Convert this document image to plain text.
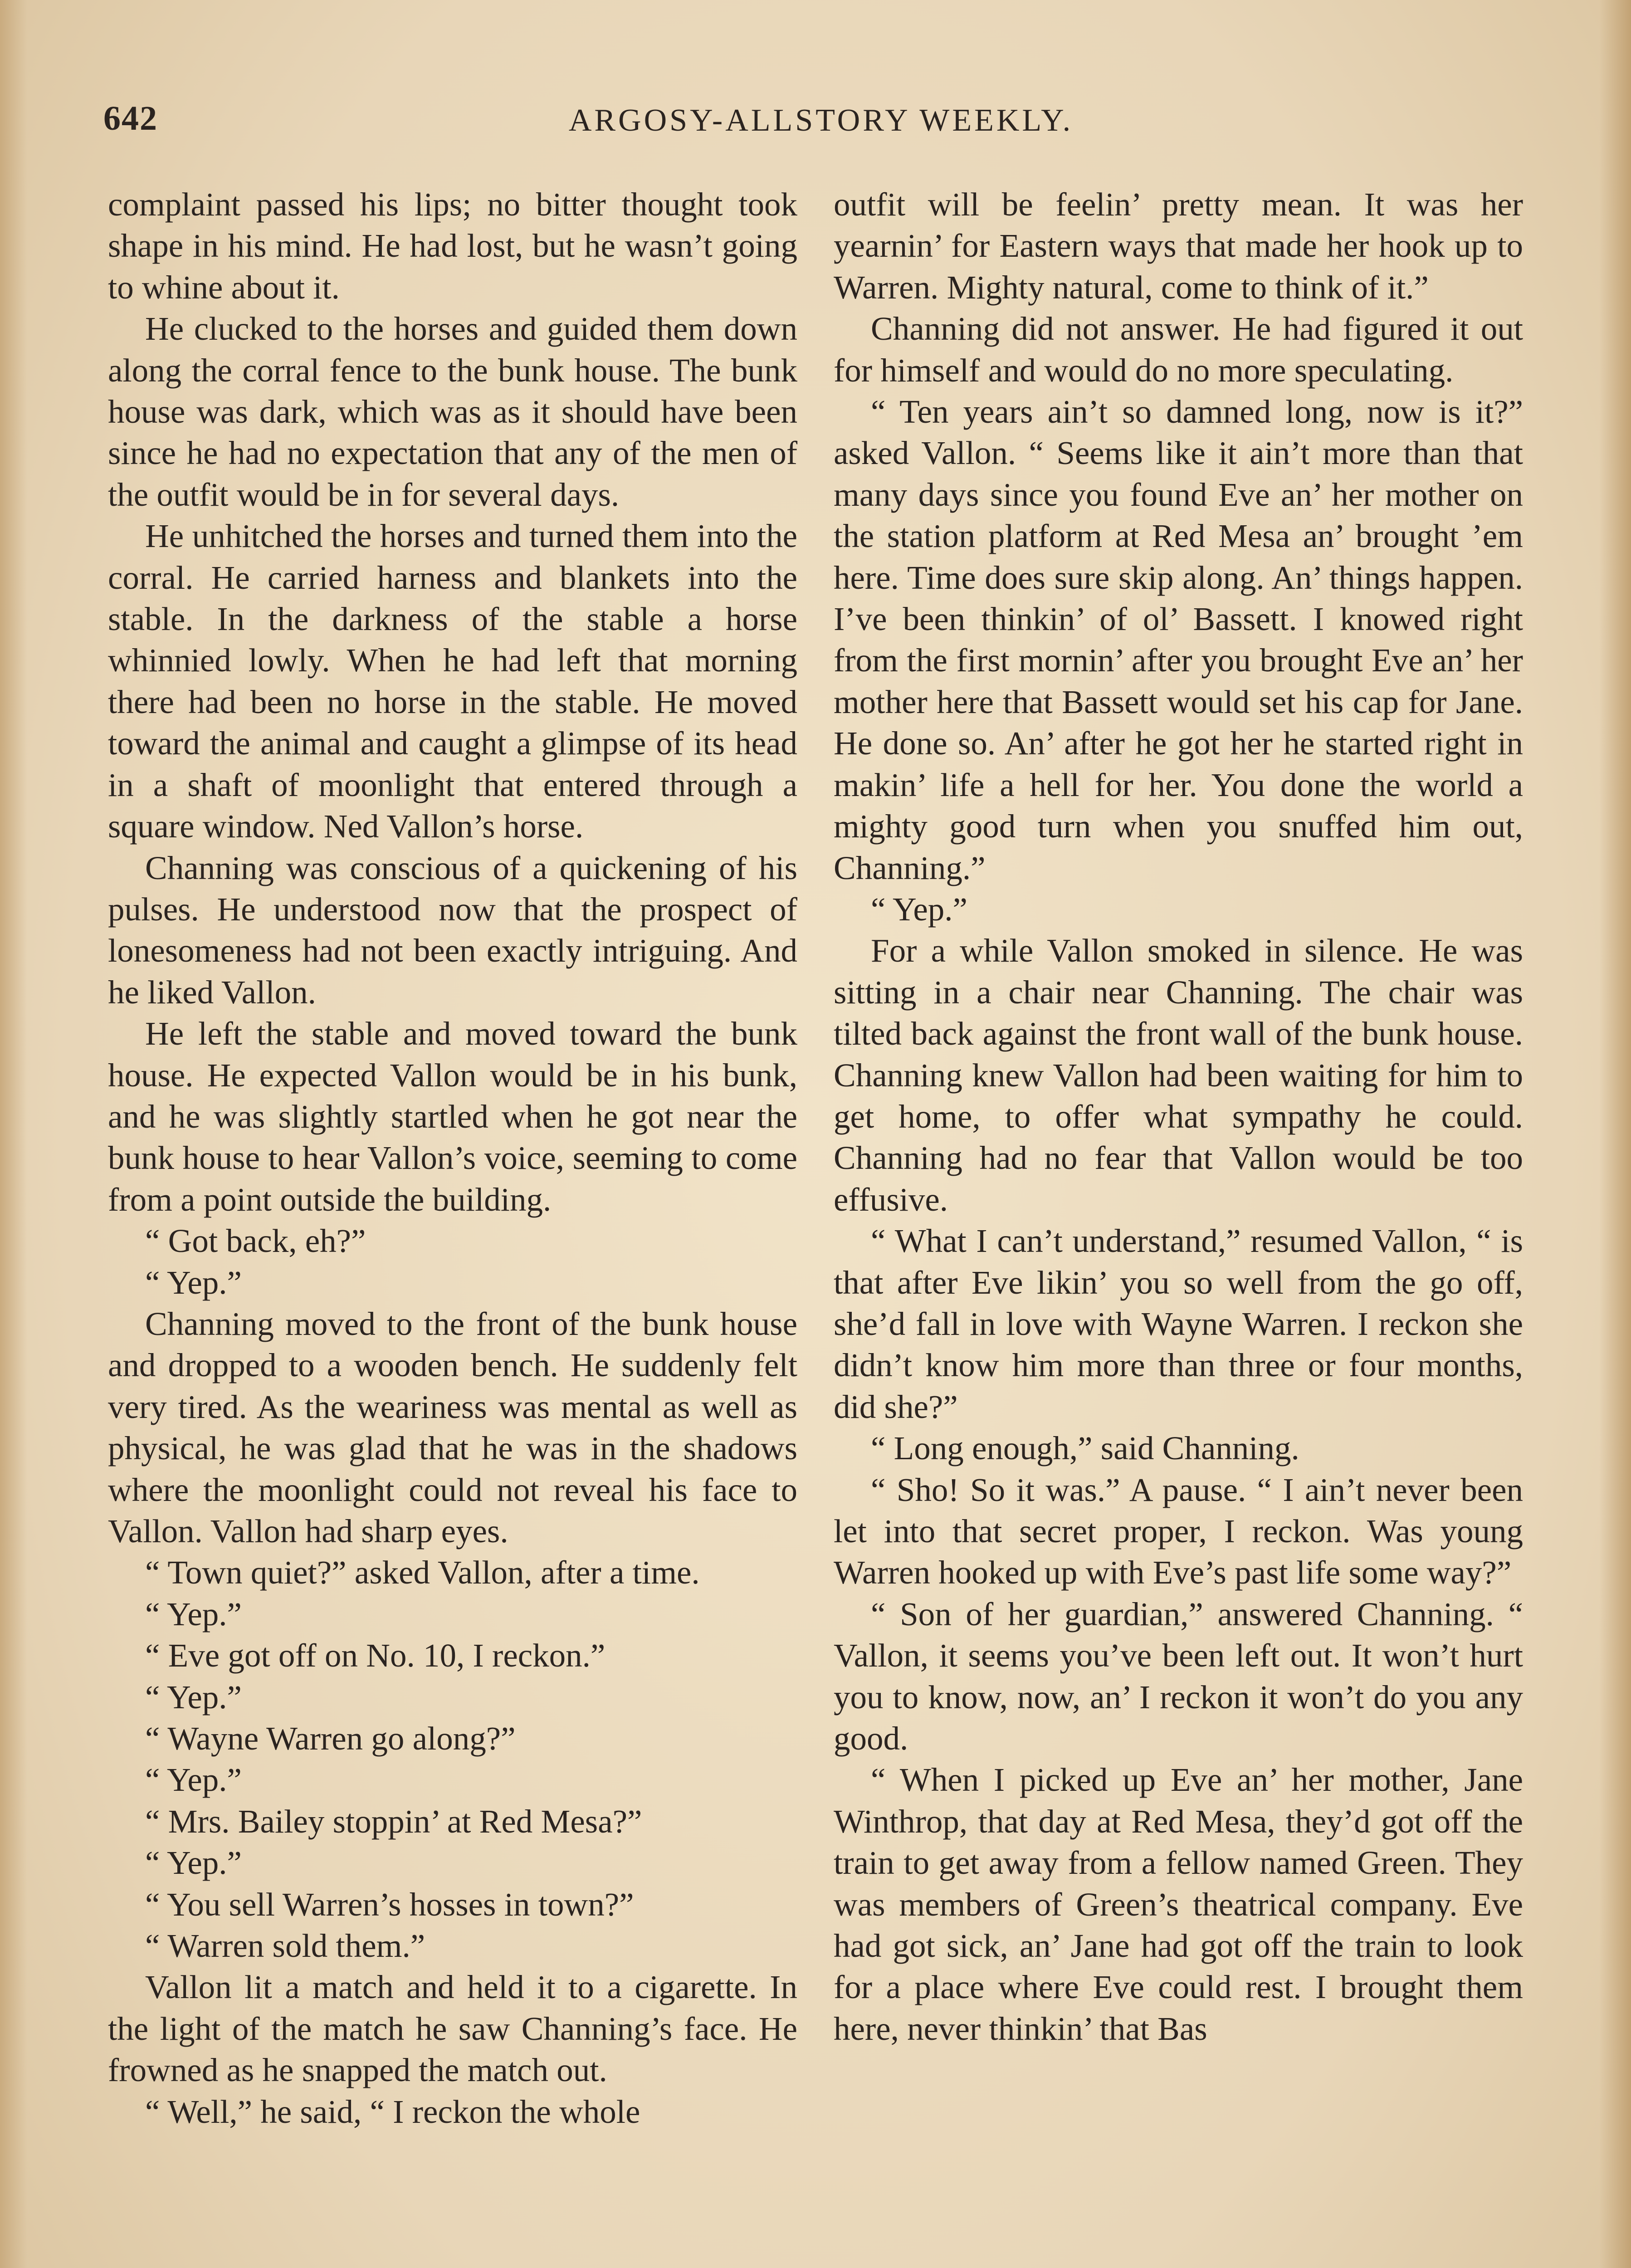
642	ARGOSY-ALLSTORY WEEKLY.

complaint passed his lips; no bitter thought took shape in his mind. He had lost, but he wasn’t going to whine about it.

He clucked to the horses and guided them down along the corral fence to the bunk house. The bunk house was dark, which was as it should have been since he had no expectation that any of the men of the outfit would be in for several days.

He unhitched the horses and turned them into the corral. He carried harness and blankets into the stable. In the darkness of the stable a horse whinnied lowly. When he had left that morning there had been no horse in the stable. He moved toward the animal and caught a glimpse of its head in a shaft of moonlight that entered through a square window. Ned Vallon’s horse.

Channing was conscious of a quickening of his pulses. He understood now that the prospect of lonesomeness had not been exactly intriguing. And he liked Vallon.

He left the stable and moved toward the bunk house. He expected Vallon would be in his bunk, and he was slightly startled when he got near the bunk house to hear Vallon’s voice, seeming to come from a point outside the building.

“ Got back, eh?”

“ Yep.”

Channing moved to the front of the bunk house and dropped to a wooden bench. He suddenly felt very tired. As the weariness was mental as well as physical, he was glad that he was in the shadows where the moonlight could not reveal his face to Vallon. Vallon had sharp eyes.

“ Town quiet?” asked Vallon, after a time.

“ Yep.”

“ Eve got off on No. 10, I reckon.”

“ Yep.”

“ Wayne Warren go along?”

“ Yep.”

“ Mrs. Bailey stoppin’ at Red Mesa?”

“ Yep.”

“ You sell Warren’s hosses in town?”

“ Warren sold them.”

Vallon lit a match and held it to a cigarette. In the light of the match he saw Channing’s face. He frowned as he snapped the match out.

“ Well,” he said, “ I reckon the whole

outfit will be feelin’ pretty mean. It was her yearnin’ for Eastern ways that made her hook up to Warren. Mighty natural, come to think of it.”

Channing did not answer. He had figured it out for himself and would do no more speculating.

“ Ten years ain’t so damned long, now is it?” asked Vallon. “ Seems like it ain’t more than that many days since you found Eve an’ her mother on the station platform at Red Mesa an’ brought ’em here. Time does sure skip along. An’ things happen. I’ve been thinkin’ of ol’ Bassett. I knowed right from the first mornin’ after you brought Eve an’ her mother here that Bassett would set his cap for Jane. He done so. An’ after he got her he started right in makin’ life a hell for her. You done the world a mighty good turn when you snuffed him out, Channing.”

“ Yep.”

For a while Vallon smoked in silence. He was sitting in a chair near Channing. The chair was tilted back against the front wall of the bunk house. Channing knew Vallon had been waiting for him to get home, to offer what sympathy he could. Channing had no fear that Vallon would be too effusive.

“ What I can’t understand,” resumed Vallon, “ is that after Eve likin’ you so well from the go off, she’d fall in love with Wayne Warren. I reckon she didn’t know him more than three or four months, did she?”

“ Long enough,” said Channing.

“ Sho! So it was.” A pause. “ I ain’t never been let into that secret proper, I reckon. Was young Warren hooked up with Eve’s past life some way?”

“ Son of her guardian,” answered Channing. “ Vallon, it seems you’ve been left out. It won’t hurt you to know, now, an’ I reckon it won’t do you any good.

“ When I picked up Eve an’ her mother, Jane Winthrop, that day at Red Mesa, they’d got off the train to get away from a fellow named Green. They was members of Green’s theatrical company. Eve had got sick, an’ Jane had got off the train to look for a place where Eve could rest. I brought them here, never thinkin’ that Bas
